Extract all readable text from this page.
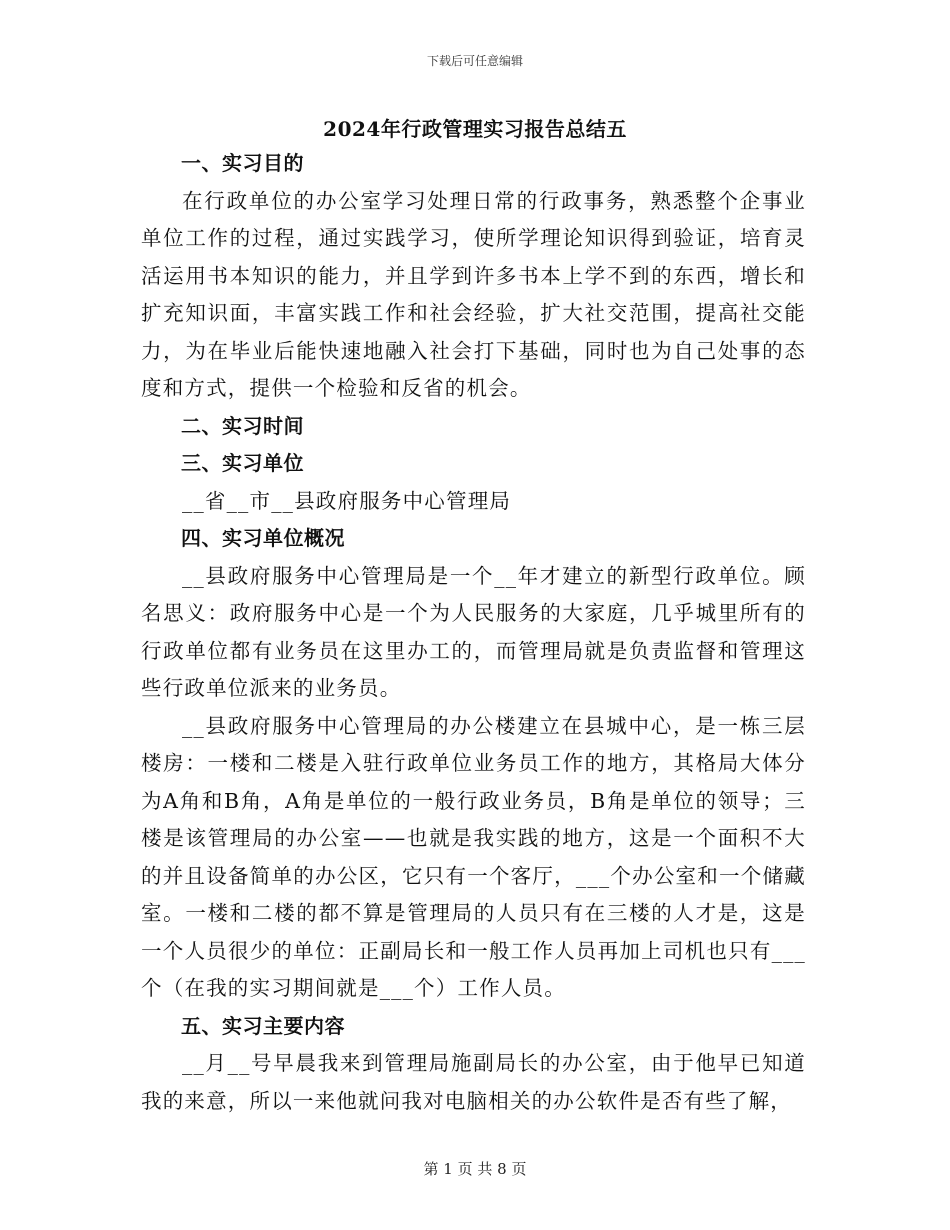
下载后可任意编辑
2024年行政管理实习报告总结五
一、实习目的

在行政单位的办公室学习处理日常的行政事务，熟悉整个企事业单位工作的过程，通过实践学习，使所学理论知识得到验证，培育灵活运用书本知识的能力，并且学到许多书本上学不到的东西，增长和扩充知识面，丰富实践工作和社会经验，扩大社交范围，提高社交能力，为在毕业后能快速地融入社会打下基础，同时也为自己处事的态度和方式，提供一个检验和反省的机会。

二、实习时间
三、实习单位

__省__市__县政府服务中心管理局

四、实习单位概况

__县政府服务中心管理局是一个__年才建立的新型行政单位。顾名思义：政府服务中心是一个为人民服务的大家庭，几乎城里所有的行政单位都有业务员在这里办工的，而管理局就是负责监督和管理这些行政单位派来的业务员。

__县政府服务中心管理局的办公楼建立在县城中心，是一栋三层楼房：一楼和二楼是入驻行政单位业务员工作的地方，其格局大体分为A角和B角，A角是单位的一般行政业务员，B角是单位的领导；三楼是该管理局的办公室——也就是我实践的地方，这是一个面积不大的并且设备简单的办公区，它只有一个客厅，___个办公室和一个储藏室。一楼和二楼的都不算是管理局的人员只有在三楼的人才是，这是一个人员很少的单位：正副局长和一般工作人员再加上司机也只有___个（在我的实习期间就是___个）工作人员。

五、实习主要内容

__月__号早晨我来到管理局施副局长的办公室，由于他早已知道我的来意，所以一来他就问我对电脑相关的办公软件是否有些了解，

第 1 页 共 8 页
